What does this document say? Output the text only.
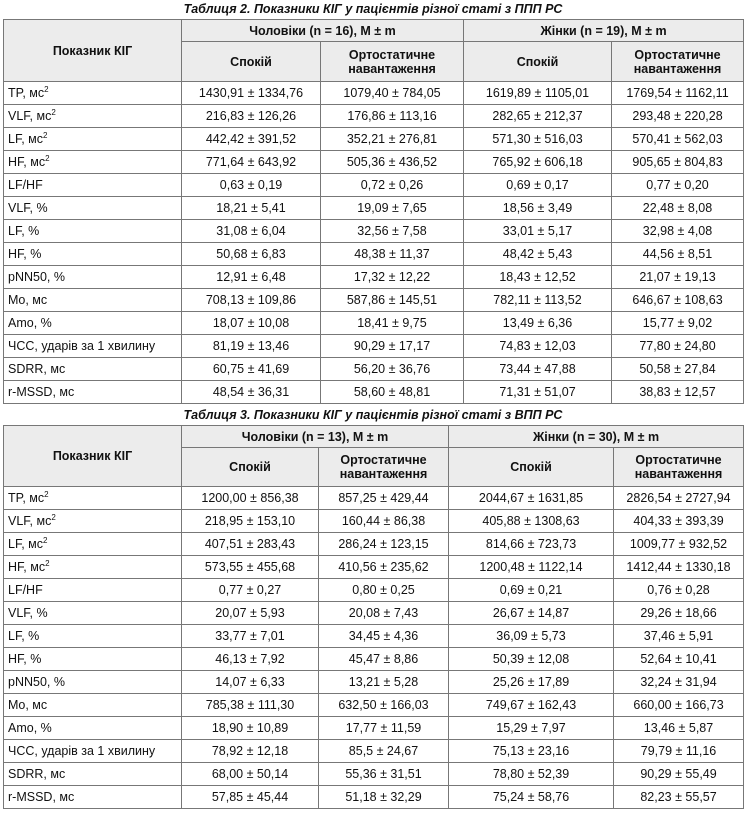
Таблиця 2. Показники КІГ у пацієнтів різної статі з ППП РС
Показник КІГ	Чоловіки (n = 16), M ± m		Жінки (n = 19), M ± m	
	Спокій	Ортостатичне навантаження	Спокій	Ортостатичне навантаження
TP, $мс^2$	1430,91 ± 1334,76	1079,40 ± 784,05	1619,89 ± 1105,01	1769,54 ± 1162,11
VLF, $мс^2$	216,83 ± 126,26	176,86 ± 113,16	282,65 ± 212,37	293,48 ± 220,28
LF, $мс^2$	442,42 ± 391,52	352,21 ± 276,81	571,30 ± 516,03	570,41 ± 562,03
HF, $мс^2$	771,64 ± 643,92	505,36 ± 436,52	765,92 ± 606,18	905,65 ± 804,83
LF/HF	0,63 ± 0,19	0,72 ± 0,26	0,69 ± 0,17	0,77 ± 0,20
VLF, %	18,21 ± 5,41	19,09 ± 7,65	18,56 ± 3,49	22,48 ± 8,08
LF, %	31,08 ± 6,04	32,56 ± 7,58	33,01 ± 5,17	32,98 ± 4,08
HF, %	50,68 ± 6,83	48,38 ± 11,37	48,42 ± 5,43	44,56 ± 8,51
pNN50, %	12,91 ± 6,48	17,32 ± 12,22	18,43 ± 12,52	21,07 ± 19,13
Mo, мс	708,13 ± 109,86	587,86 ± 145,51	782,11 ± 113,52	646,67 ± 108,63
Amo, %	18,07 ± 10,08	18,41 ± 9,75	13,49 ± 6,36	15,77 ± 9,02
ЧСС, ударів за 1 хвилину	81,19 ± 13,46	90,29 ± 17,17	74,83 ± 12,03	77,80 ± 24,80
SDRR, мс	60,75 ± 41,69	56,20 ± 36,76	73,44 ± 47,88	50,58 ± 27,84
r-MSSD, мс	48,54 ± 36,31	58,60 ± 48,81	71,31 ± 51,07	38,83 ± 12,57
Таблиця 3. Показники КІГ у пацієнтів різної статі з ВПП РС
Показник КІГ	Чоловіки (n = 13), M ± m		Жінки (n = 30), M ± m	
	Спокій	Ортостатичне навантаження	Спокій	Ортостатичне навантаження
TP, $мс^2$	1200,00 ± 856,38	857,25 ± 429,44	2044,67 ± 1631,85	2826,54 ± 2727,94
VLF, $мс^2$	218,95 ± 153,10	160,44 ± 86,38	405,88 ± 1308,63	404,33 ± 393,39
LF, $мс^2$	407,51 ± 283,43	286,24 ± 123,15	814,66 ± 723,73	1009,77 ± 932,52
HF, $мс^2$	573,55 ± 455,68	410,56 ± 235,62	1200,48 ± 1122,14	1412,44 ± 1330,18
LF/HF	0,77 ± 0,27	0,80 ± 0,25	0,69 ± 0,21	0,76 ± 0,28
VLF, %	20,07 ± 5,93	20,08 ± 7,43	26,67 ± 14,87	29,26 ± 18,66
LF, %	33,77 ± 7,01	34,45 ± 4,36	36,09 ± 5,73	37,46 ± 5,91
HF, %	46,13 ± 7,92	45,47 ± 8,86	50,39 ± 12,08	52,64 ± 10,41
pNN50, %	14,07 ± 6,33	13,21 ± 5,28	25,26 ± 17,89	32,24 ± 31,94
Mo, мс	785,38 ± 111,30	632,50 ± 166,03	749,67 ± 162,43	660,00 ± 166,73
Amo, %	18,90 ± 10,89	17,77 ± 11,59	15,29 ± 7,97	13,46 ± 5,87
ЧСС, ударів за 1 хвилину	78,92 ± 12,18	85,5 ± 24,67	75,13 ± 23,16	79,79 ± 11,16
SDRR, мс	68,00 ± 50,14	55,36 ± 31,51	78,80 ± 52,39	90,29 ± 55,49
r-MSSD, мс	57,85 ± 45,44	51,18 ± 32,29	75,24 ± 58,76	82,23 ± 55,57
